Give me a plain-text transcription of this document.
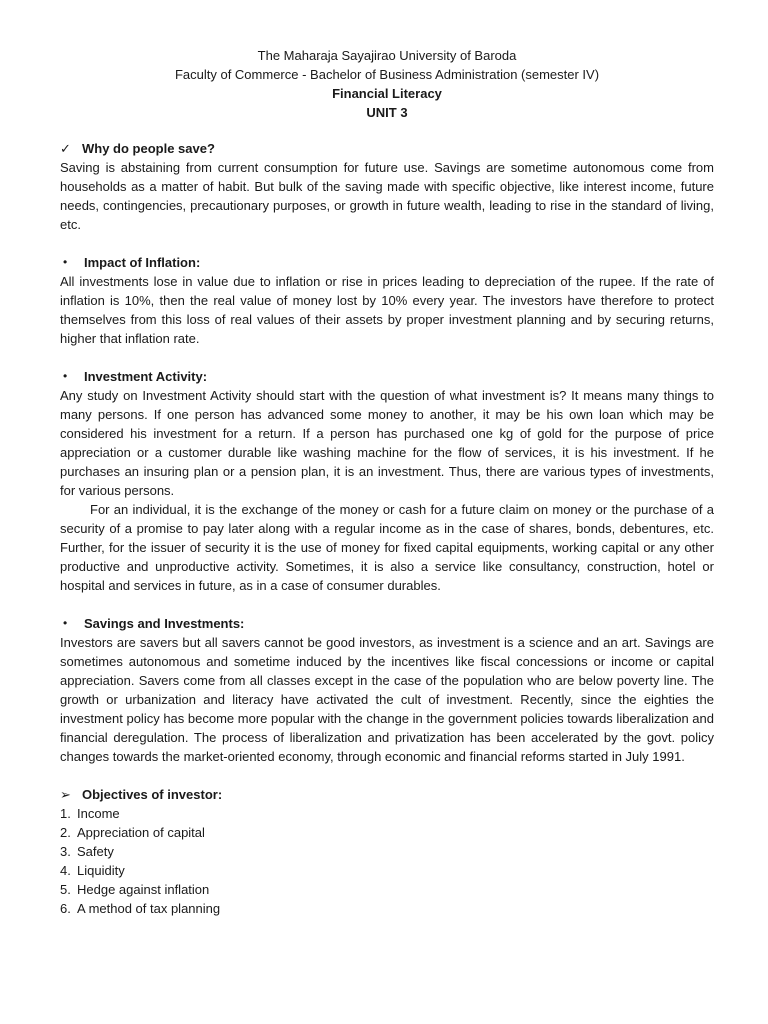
The Maharaja Sayajirao University of Baroda
Faculty of Commerce - Bachelor of Business Administration (semester IV)
Financial Literacy
UNIT 3
✓ Why do people save?

Saving is abstaining from current consumption for future use. Savings are sometime autonomous come from households as a matter of habit. But bulk of the saving made with specific objective, like interest income, future needs, contingencies, precautionary purposes, or growth in future wealth, leading to rise in the standard of living, etc.

•	Impact of Inflation:

All investments lose in value due to inflation or rise in prices leading to depreciation of the rupee. If the rate of inflation is 10%, then the real value of money lost by 10% every year. The investors have therefore to protect themselves from this loss of real values of their assets by proper investment planning and by securing returns, higher that inflation rate.

•	Investment Activity:

Any study on Investment Activity should start with the question of what investment is? It means many things to many persons. If one person has advanced some money to another, it may be his own loan which may be considered his investment for a return. If a person has purchased one kg of gold for the purpose of price appreciation or a customer durable like washing machine for the flow of services, it is his investment. If he purchases an insuring plan or a pension plan, it is an investment. Thus, there are various types of investments, for various persons.

For an individual, it is the exchange of the money or cash for a future claim on money or the purchase of a security of a promise to pay later along with a regular income as in the case of shares, bonds, debentures, etc. Further, for the issuer of security it is the use of money for fixed capital equipments, working capital or any other productive and unproductive activity. Sometimes, it is also a service like consultancy, construction, hotel or hospital and services in future, as in a case of consumer durables.

•	Savings and Investments:

Investors are savers but all savers cannot be good investors, as investment is a science and an art. Savings are sometimes autonomous and sometime induced by the incentives like fiscal concessions or income or capital appreciation. Savers come from all classes except in the case of the population who are below poverty line. The growth or urbanization and literacy have activated the cult of investment. Recently, since the eighties the investment policy has become more popular with the change in the government policies towards liberalization and financial deregulation. The process of liberalization and privatization has been accelerated by the govt. policy changes towards the market-oriented economy, through economic and financial reforms started in July 1991.

➢ Objectives of investor:
1. Income
2. Appreciation of capital
3. Safety
4. Liquidity
5. Hedge against inflation
6. A method of tax planning
